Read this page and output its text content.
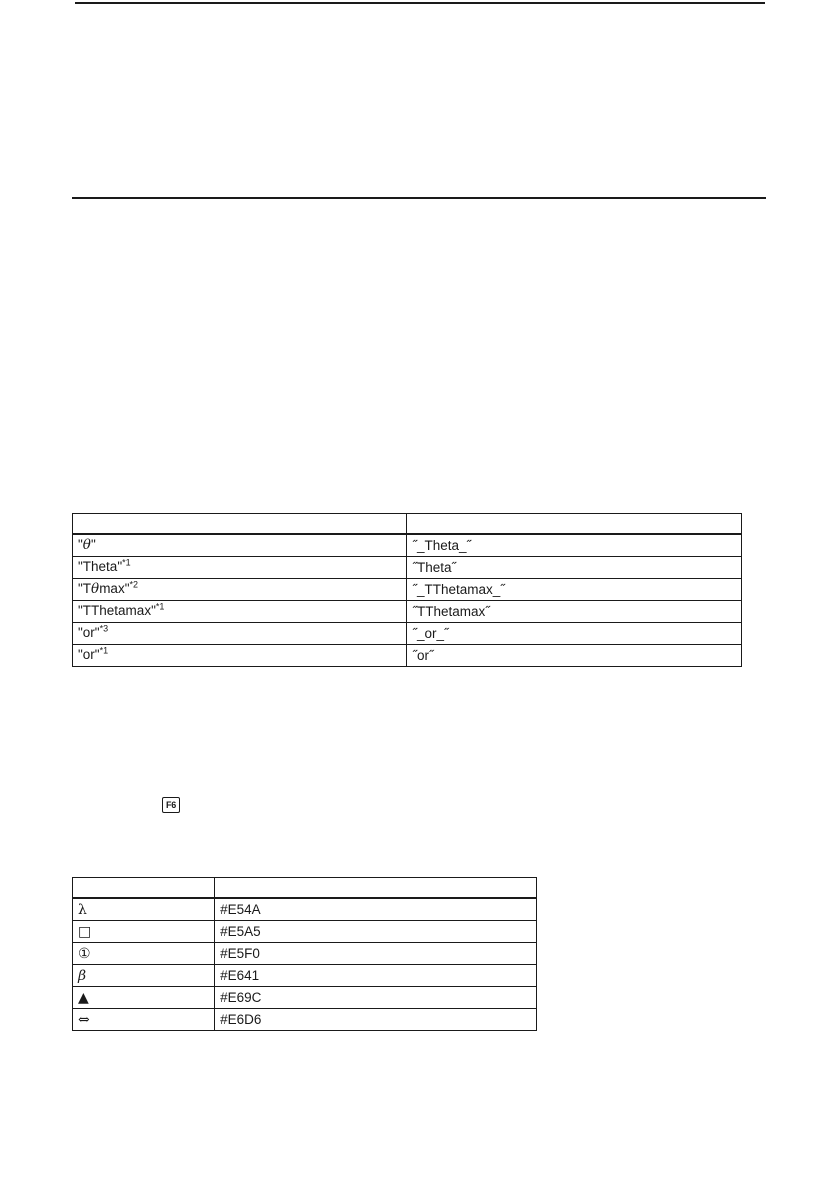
"θ"	˝_Theta_˝
"Theta"$^{*1}$	˝Theta˝
"Tθmax"$^{*2}$	˝_TThetamax_˝
"TThetamax"$^{*1}$	˝TThetamax˝
"or"$^{*3}$	˝_or_˝
"or"$^{*1}$	˝or˝
F6

λ	#E54A
□	#E5A5
①	#E5F0
β	#E641
▲	#E69C
⇔	#E6D6
